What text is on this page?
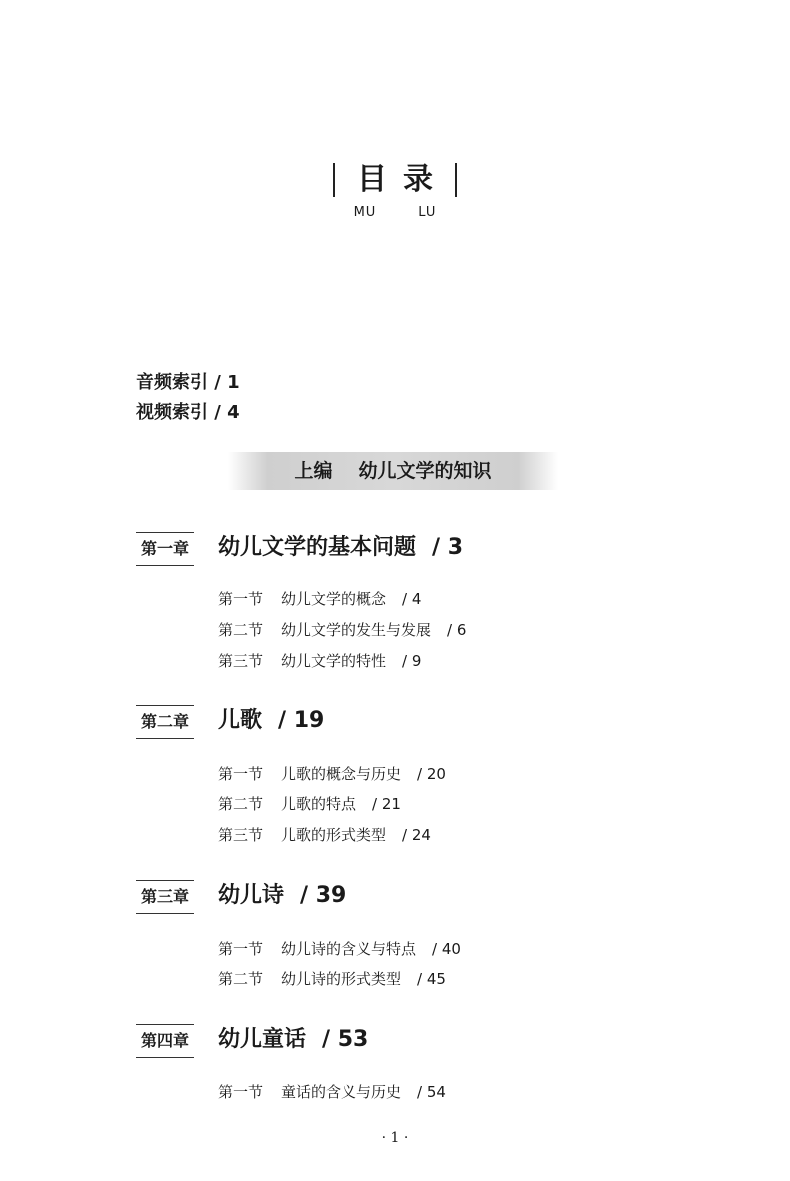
目录
MU	LU
音频索引 / 1
视频索引 / 4
上编 幼儿文学的知识
第一章 幼儿文学的基本问题 / 3
第一节 幼儿文学的概念 / 4
第二节 幼儿文学的发生与发展 / 6
第三节 幼儿文学的特性 / 9
第二章 儿歌 / 19
第一节 儿歌的概念与历史 / 20
第二节 儿歌的特点 / 21
第三节 儿歌的形式类型 / 24
第三章 幼儿诗 / 39
第一节 幼儿诗的含义与特点 / 40
第二节 幼儿诗的形式类型 / 45
第四章 幼儿童话 / 53
第一节 童话的含义与历史 / 54
· 1 ·
